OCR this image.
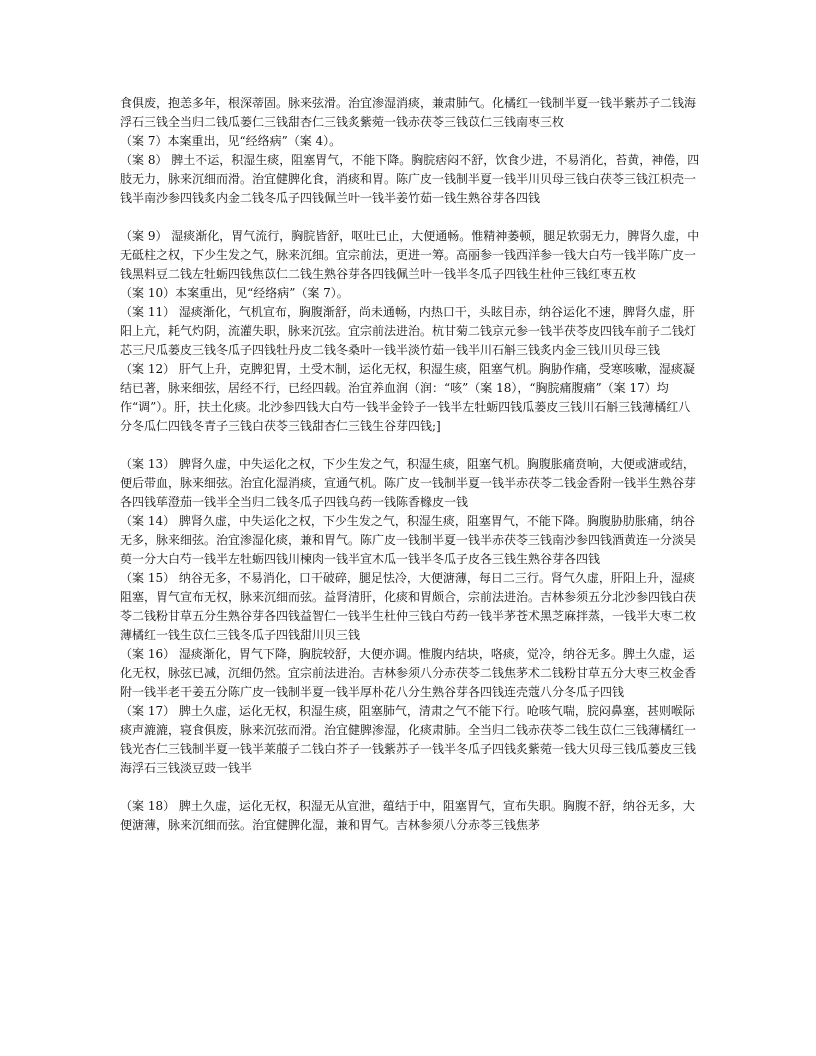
食俱废，抱恙多年，根深蒂固。脉来弦滑。治宜渗湿消痰，兼肃肺气。化橘红一钱制半夏一钱半紫苏子二钱海浮石三钱全当归二钱瓜蒌仁三钱甜杏仁三钱炙紫菀一钱赤茯苓三钱苡仁三钱南枣三枚

（案 7）本案重出，见“经络病”（案 4）。

（案 8） 脾土不运，积湿生痰，阻塞胃气，不能下降。胸脘痞闷不舒，饮食少进，不易消化，苔黄，神倦，四肢无力，脉来沉细而滑。治宜健脾化食，消痰和胃。陈广皮一钱制半夏一钱半川贝母三钱白茯苓三钱江枳壳一钱半南沙参四钱炙内金二钱冬瓜子四钱佩兰叶一钱半姜竹茹一钱生熟谷芽各四钱

（案 9） 湿痰渐化，胃气流行，胸脘皆舒，呕吐已止，大便通畅。惟精神萎顿，腿足软弱无力，脾肾久虚，中无砥柱之权，下少生发之气，脉来沉细。宜宗前法，更进一筹。高丽参一钱西洋参一钱大白芍一钱半陈广皮一钱黑料豆二钱左牡蛎四钱焦苡仁二钱生熟谷芽各四钱佩兰叶一钱半冬瓜子四钱生杜仲三钱红枣五枚

（案 10）本案重出，见“经络病”（案 7）。

（案 11） 湿痰渐化，气机宣布，胸腹渐舒，尚未通畅，内热口干，头眩目赤，纳谷运化不速，脾肾久虚，肝阳上亢，耗气灼阴，流灌失职，脉来沉弦。宜宗前法进治。杭甘菊二钱京元参一钱半茯苓皮四钱车前子二钱灯芯三尺瓜蒌皮三钱冬瓜子四钱牡丹皮二钱冬桑叶一钱半淡竹茹一钱半川石斛三钱炙内金三钱川贝母三钱

（案 12） 肝气上升，克脾犯胃，土受木制，运化无权，积湿生痰，阻塞气机。胸胁作痛，受寒咳嗽，湿痰凝结已著，脉来细弦，居经不行，已经四载。治宜养血润（润：“咳”（案 18），“胸脘痛腹痛”（案 17）均作“调”）。肝，扶土化痰。北沙参四钱大白芍一钱半金铃子一钱半左牡蛎四钱瓜蒌皮三钱川石斛三钱薄橘红八分冬瓜仁四钱冬青子三钱白茯苓三钱甜杏仁三钱生谷芽四钱;]

（案 13） 脾肾久虚，中失运化之权，下少生发之气，积湿生痰，阻塞气机。胸腹胀痛贲响，大便或溏或结，便后带血，脉来细弦。治宜化湿消痰，宣通气机。陈广皮一钱制半夏一钱半赤茯苓二钱金香附一钱半生熟谷芽各四钱荜澄茄一钱半全当归二钱冬瓜子四钱乌药一钱陈香橼皮一钱

（案 14） 脾肾久虚，中失运化之权，下少生发之气，积湿生痰，阻塞胃气，不能下降。胸腹胁肋胀痛，纳谷无多，脉来细弦。治宜渗湿化痰，兼和胃气。陈广皮一钱制半夏一钱半赤茯苓三钱南沙参四钱酒黄连一分淡吴萸一分大白芍一钱半左牡蛎四钱川楝肉一钱半宣木瓜一钱半冬瓜子皮各三钱生熟谷芽各四钱

（案 15） 纳谷无多，不易消化，口干破碎，腿足怯冷，大便溏薄，每日二三行。肾气久虚，肝阳上升，湿痰阻塞，胃气宣布无权，脉来沉细而弦。益肾清肝，化痰和胃颇合，宗前法进治。吉林参须五分北沙参四钱白茯苓二钱粉甘草五分生熟谷芽各四钱益智仁一钱半生杜仲三钱白芍药一钱半茅苍术黑芝麻拌蒸，一钱半大枣二枚薄橘红一钱生苡仁三钱冬瓜子四钱甜川贝三钱

（案 16） 湿痰渐化，胃气下降，胸脘较舒，大便亦调。惟腹内结块，咯痰，觉冷，纳谷无多。脾土久虚，运化无权，脉弦已减，沉细仍然。宜宗前法进治。吉林参须八分赤茯苓二钱焦茅术二钱粉甘草五分大枣三枚金香附一钱半老干姜五分陈广皮一钱制半夏一钱半厚朴花八分生熟谷芽各四钱连壳蔻八分冬瓜子四钱

（案 17） 脾土久虚，运化无权，积湿生痰，阻塞肺气，清肃之气不能下行。呛咳气喘，脘闷鼻塞，甚则喉际痰声漉漉，寝食俱废，脉来沉弦而滑。治宜健脾渗湿，化痰肃肺。全当归二钱赤茯苓二钱生苡仁三钱薄橘红一钱光杏仁三钱制半夏一钱半莱菔子二钱白芥子一钱紫苏子一钱半冬瓜子四钱炙紫菀一钱大贝母三钱瓜蒌皮三钱海浮石三钱淡豆豉一钱半

（案 18） 脾土久虚，运化无权，积湿无从宣泄，蕴结于中，阻塞胃气，宣布失职。胸腹不舒，纳谷无多，大便溏薄，脉来沉细而弦。治宜健脾化湿，兼和胃气。吉林参须八分赤苓三钱焦茅
